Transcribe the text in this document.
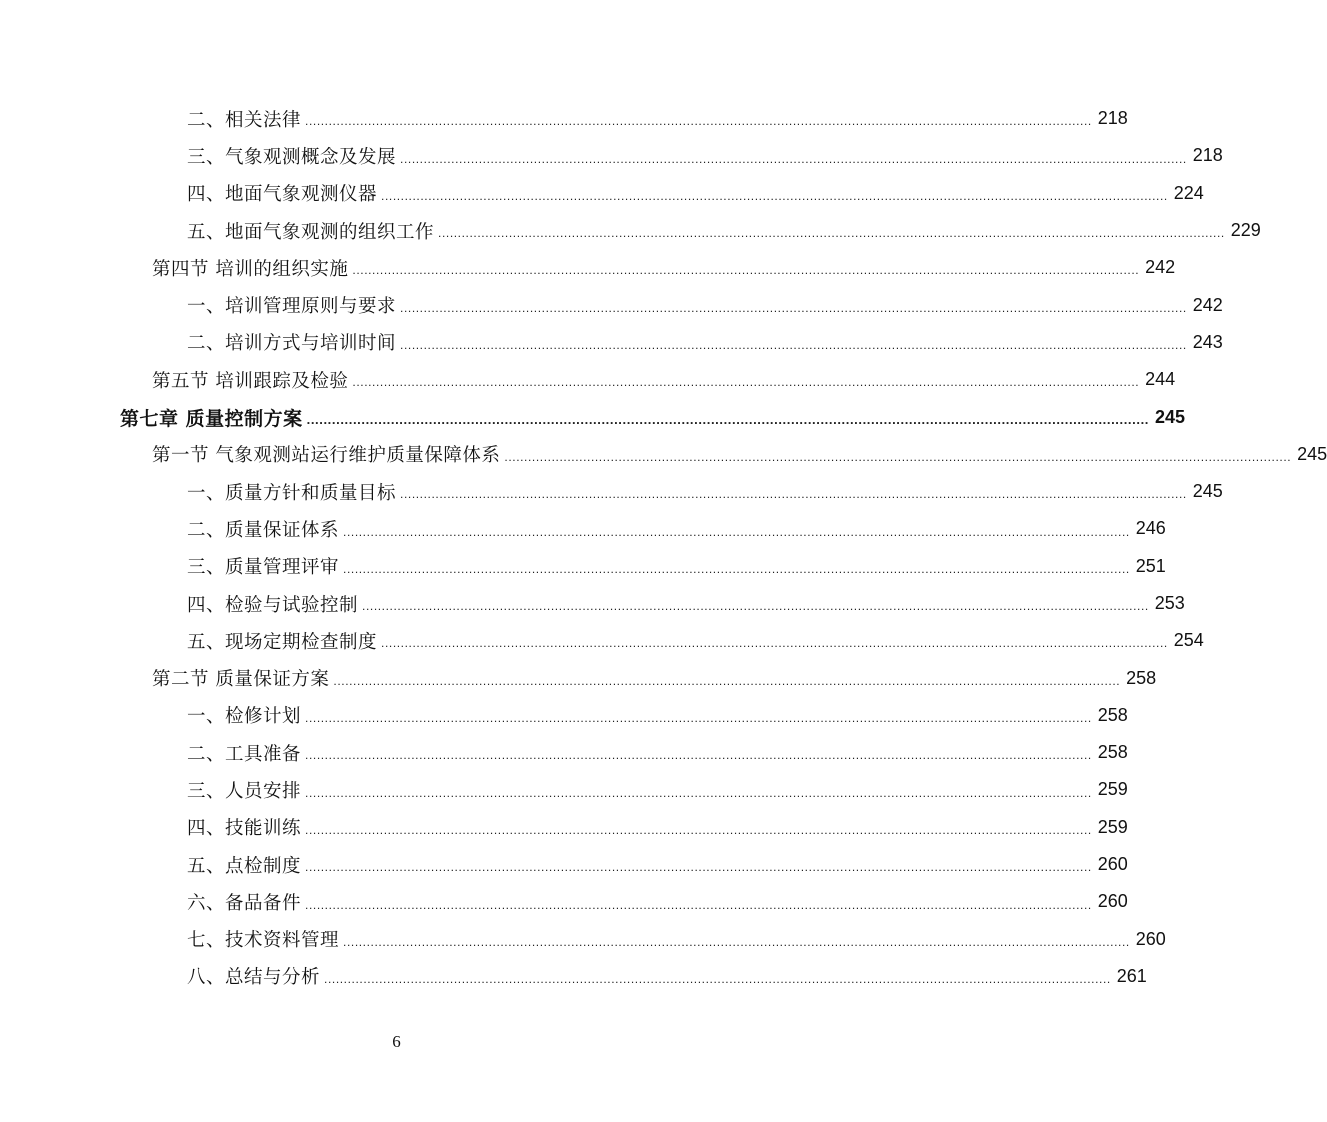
二、相关法律 ........................................................................................................................................................................................................ 218
三、气象观测概念及发展 ........................................................................................................................................................................................................ 218
四、地面气象观测仪器 ........................................................................................................................................................................................................ 224
五、地面气象观测的组织工作 ........................................................................................................................................................................................................ 229
第四节 培训的组织实施 ........................................................................................................................................................................................................ 242
一、培训管理原则与要求 ........................................................................................................................................................................................................ 242
二、培训方式与培训时间 ........................................................................................................................................................................................................ 243
第五节 培训跟踪及检验 ........................................................................................................................................................................................................ 244
第七章 质量控制方案 ........................................................................................................................................................................................................ 245
第一节 气象观测站运行维护质量保障体系 ........................................................................................................................................................................................................ 245
一、质量方针和质量目标 ........................................................................................................................................................................................................ 245
二、质量保证体系 ........................................................................................................................................................................................................ 246
三、质量管理评审 ........................................................................................................................................................................................................ 251
四、检验与试验控制 ........................................................................................................................................................................................................ 253
五、现场定期检查制度 ........................................................................................................................................................................................................ 254
第二节 质量保证方案 ........................................................................................................................................................................................................ 258
一、检修计划 ........................................................................................................................................................................................................ 258
二、工具准备 ........................................................................................................................................................................................................ 258
三、人员安排 ........................................................................................................................................................................................................ 259
四、技能训练 ........................................................................................................................................................................................................ 259
五、点检制度 ........................................................................................................................................................................................................ 260
六、备品备件 ........................................................................................................................................................................................................ 260
七、技术资料管理 ........................................................................................................................................................................................................ 260
八、总结与分析 ........................................................................................................................................................................................................ 261
6
